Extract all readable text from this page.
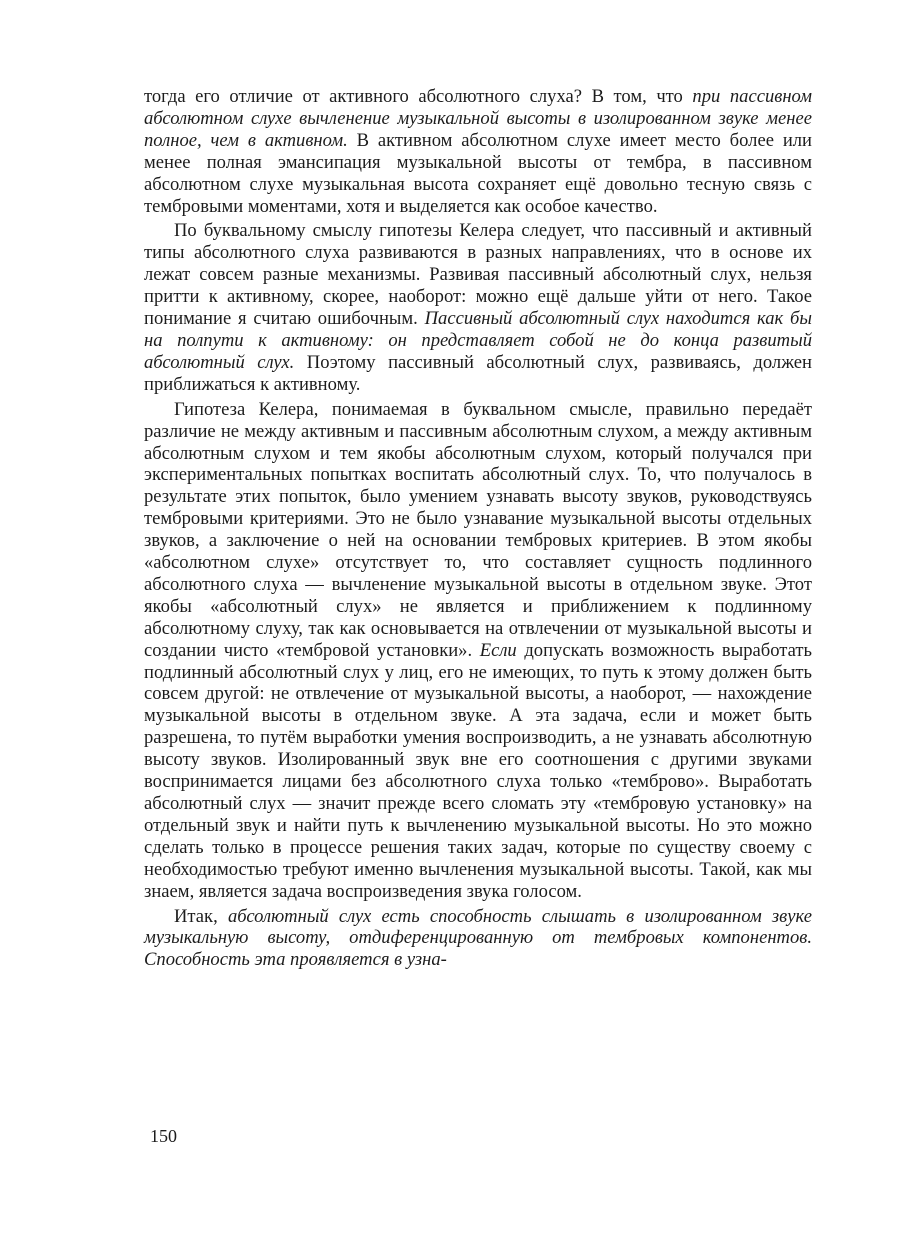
тогда его отличие от активного абсолютного слуха? В том, что при пассивном абсолютном слухе вычленение музыкальной высоты в изолированном звуке менее полное, чем в активном. В активном абсолютном слухе имеет место более или менее полная эмансипация музыкальной высоты от тембра, в пассивном абсолютном слухе музыкальная высота сохраняет ещё довольно тесную связь с тембровыми моментами, хотя и выделяется как особое качество.

По буквальному смыслу гипотезы Келера следует, что пассивный и активный типы абсолютного слуха развиваются в разных направлениях, что в основе их лежат совсем разные механизмы. Развивая пассивный абсолютный слух, нельзя притти к активному, скорее, наоборот: можно ещё дальше уйти от него. Такое понимание я считаю ошибочным. Пассивный абсолютный слух находится как бы на полпути к активному: он представляет собой не до конца развитый абсолютный слух. Поэтому пассивный абсолютный слух, развиваясь, должен приближаться к активному.

Гипотеза Келера, понимаемая в буквальном смысле, правильно передаёт различие не между активным и пассивным абсолютным слухом, а между активным абсолютным слухом и тем якобы абсолютным слухом, который получался при экспериментальных попытках воспитать абсолютный слух. То, что получалось в результате этих попыток, было умением узнавать высоту звуков, руководствуясь тембровыми критериями. Это не было узнавание музыкальной высоты отдельных звуков, а заключение о ней на основании тембровых критериев. В этом якобы «абсолютном слухе» отсутствует то, что составляет сущность подлинного абсолютного слуха — вычленение музыкальной высоты в отдельном звуке. Этот якобы «абсолютный слух» не является и приближением к подлинному абсолютному слуху, так как основывается на отвлечении от музыкальной высоты и создании чисто «тембровой установки». Если допускать возможность выработать подлинный абсолютный слух у лиц, его не имеющих, то путь к этому должен быть совсем другой: не отвлечение от музыкальной высоты, а наоборот, — нахождение музыкальной высоты в отдельном звуке. А эта задача, если и может быть разрешена, то путём выработки умения воспроизводить, а не узнавать абсолютную высоту звуков. Изолированный звук вне его соотношения с другими звуками воспринимается лицами без абсолютного слуха только «темброво». Выработать абсолютный слух — значит прежде всего сломать эту «тембровую установку» на отдельный звук и найти путь к вычленению музыкальной высоты. Но это можно сделать только в процессе решения таких задач, которые по существу своему с необходимостью требуют именно вычленения музыкальной высоты. Такой, как мы знаем, является задача воспроизведения звука голосом.

Итак, абсолютный слух есть способность слышать в изолированном звуке музыкальную высоту, отдиференцированную от тембровых компонентов. Способность эта проявляется в узна-

150
